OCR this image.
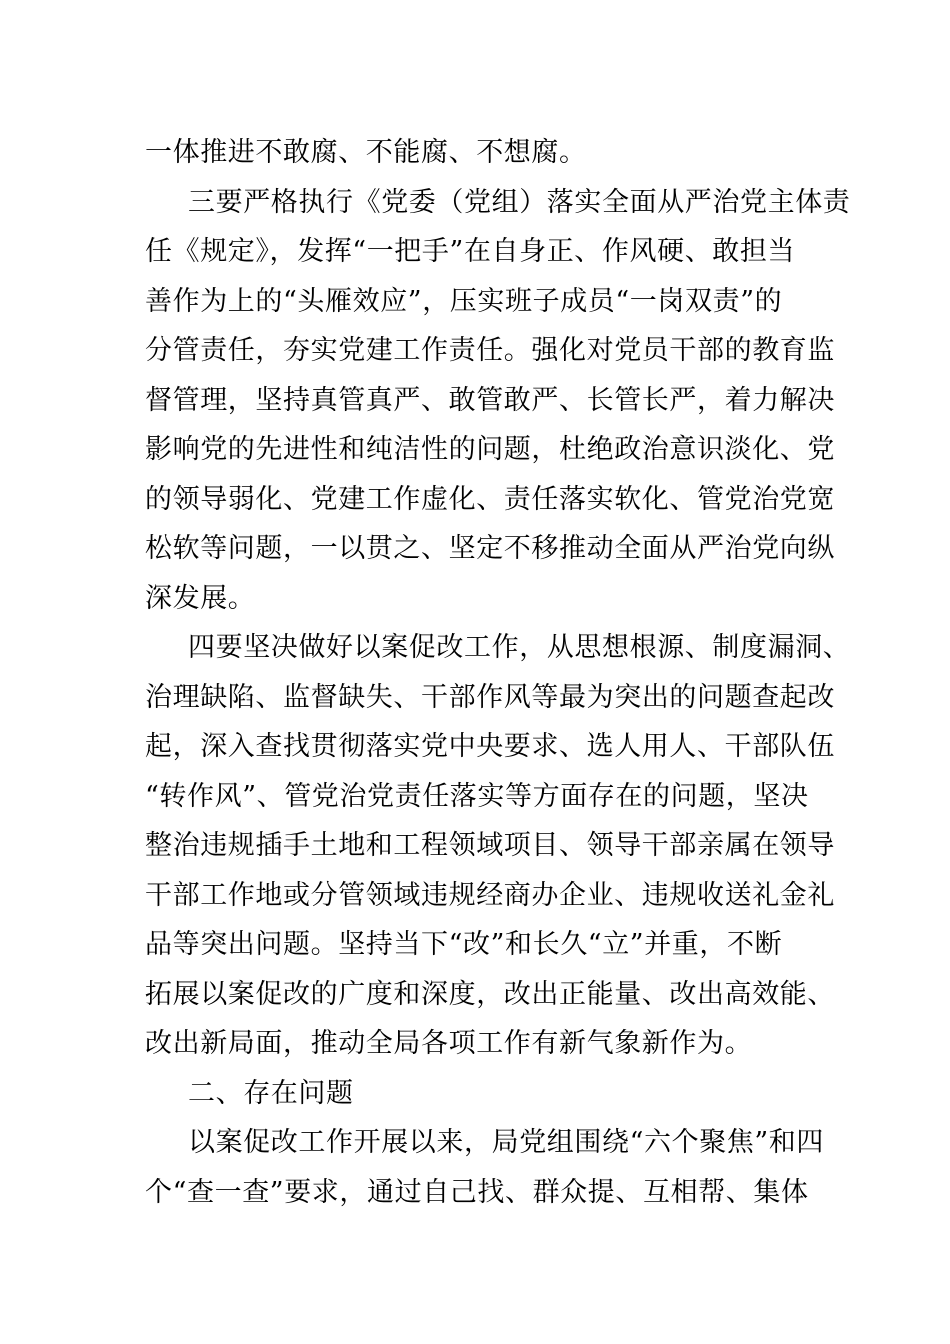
一体推进不敢腐、不能腐、不想腐。
三要严格执行《党委（党组）落实全面从严治党主体责
任《规定》，发挥“一把手”在自身正、作风硬、敢担当
善作为上的“头雁效应”，压实班子成员“一岗双责”的
分管责任，夯实党建工作责任。强化对党员干部的教育监
督管理，坚持真管真严、敢管敢严、长管长严，着力解决
影响党的先进性和纯洁性的问题，杜绝政治意识淡化、党
的领导弱化、党建工作虚化、责任落实软化、管党治党宽
松软等问题，一以贯之、坚定不移推动全面从严治党向纵
深发展。
四要坚决做好以案促改工作，从思想根源、制度漏洞、
治理缺陷、监督缺失、干部作风等最为突出的问题查起改
起，深入查找贯彻落实党中央要求、选人用人、干部队伍
“转作风”、管党治党责任落实等方面存在的问题，坚决
整治违规插手土地和工程领域项目、领导干部亲属在领导
干部工作地或分管领域违规经商办企业、违规收送礼金礼
品等突出问题。坚持当下“改”和长久“立”并重，不断
拓展以案促改的广度和深度，改出正能量、改出高效能、
改出新局面，推动全局各项工作有新气象新作为。
二、存在问题
以案促改工作开展以来，局党组围绕“六个聚焦”和四
个“查一查”要求，通过自己找、群众提、互相帮、集体
